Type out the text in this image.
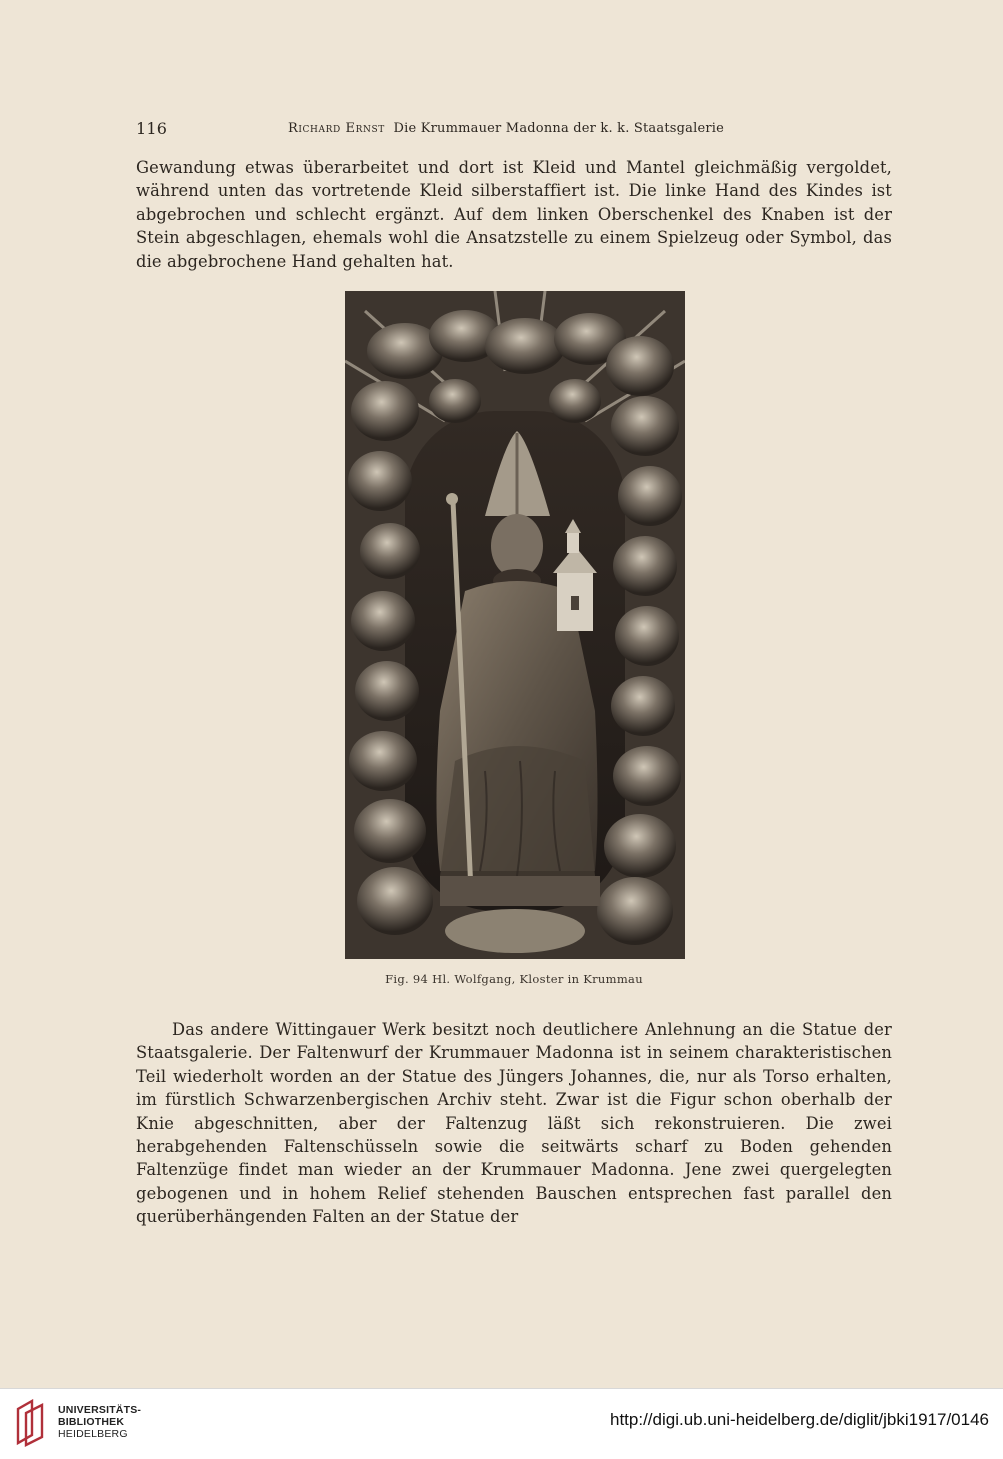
116	Richard Ernst Die Krummauer Madonna der k. k. Staatsgalerie

Gewandung etwas überarbeitet und dort ist Kleid und Mantel gleichmäßig vergoldet, während unten das vortretende Kleid silberstaffiert ist. Die linke Hand des Kindes ist abgebrochen und schlecht ergänzt. Auf dem linken Oberschenkel des Knaben ist der Stein abgeschlagen, ehemals wohl die Ansatzstelle zu einem Spielzeug oder Symbol, das die abgebrochene Hand gehalten hat.

Fig. 94 Hl. Wolfgang, Kloster in Krummau

Das andere Wittingauer Werk besitzt noch deutlichere Anlehnung an die Statue der Staatsgalerie. Der Faltenwurf der Krummauer Madonna ist in seinem charakteristischen Teil wiederholt worden an der Statue des Jüngers Johannes, die, nur als Torso erhalten, im fürstlich Schwarzenbergischen Archiv steht. Zwar ist die Figur schon oberhalb der Knie abgeschnitten, aber der Faltenzug läßt sich rekonstruieren. Die zwei herabgehenden Faltenschüsseln sowie die seitwärts scharf zu Boden gehenden Faltenzüge findet man wieder an der Krummauer Madonna. Jene zwei quergelegten gebogenen und in hohem Relief stehenden Bauschen entsprechen fast parallel den querüberhängenden Falten an der Statue der

UNIVERSITÄTS-
BIBLIOTHEK
HEIDELBERG
http://digi.ub.uni-heidelberg.de/diglit/jbki1917/0146
